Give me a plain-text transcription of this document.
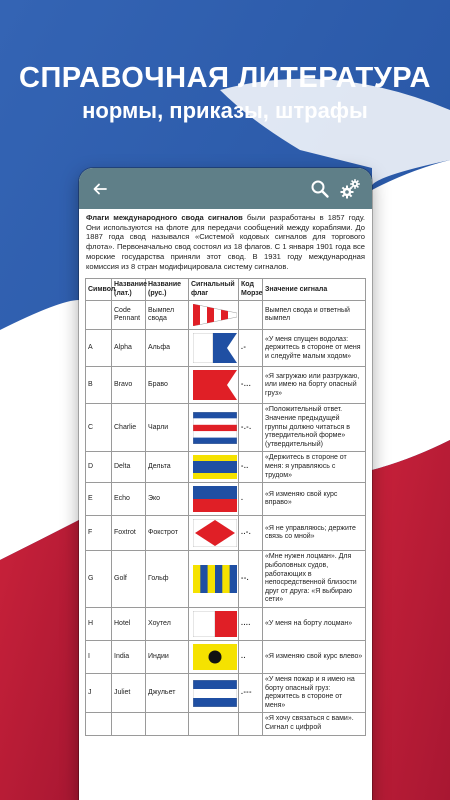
СПРАВОЧНАЯ ЛИТЕРАТУРА
нормы, приказы, штрафы

Флаги международного свода сигналов были разработаны в 1857 году. Они используются на флоте для передачи сообщений между кораблями. До 1887 года свод назывался «Системой кодовых сигналов для торгового флота». Первоначально свод состоял из 18 флагов. С 1 января 1901 года все морские государства приняли этот свод. В 1931 году международная комиссия из 8 стран модифицировала систему сигналов.

Символ	Название (лат.)	Название (рус.)	Сигнальный флаг	Код Морзе	Значение сигнала
	Code Pennant	Вымпел свода			Вымпел свода и ответный вымпел
A	Alpha	Альфа		.-	«У меня спущен водолаз: держитесь в стороне от меня и следуйте малым ходом»
B	Bravo	Браво		-...	«Я загружаю или разгружаю, или имею на борту опасный груз»
C	Charlie	Чарли		-.-.	«Положительный ответ. Значение предыдущей группы должно читаться в утвердительной форме» (утвердительный)
D	Delta	Дельта		-..	«Держитесь в стороне от меня: я управляюсь с трудом»
E	Echo	Эко		.	«Я изменяю свой курс вправо»
F	Foxtrot	Фокстрот		..-.	«Я не управляюсь; держите связь со мной»
G	Golf	Гольф		--.	«Мне нужен лоцман». Для рыболовных судов, работающих в непосредственной близости друг от друга: «Я выбираю сети»
H	Hotel	Хоутел		....	«У меня на борту лоцман»
I	India	Индии		..	«Я изменяю свой курс влево»
J	Juliet	Джульет		.---	«У меня пожар и я имею на борту опасный груз: держитесь в стороне от меня»
					«Я хочу связаться с вами». Сигнал с цифрой
